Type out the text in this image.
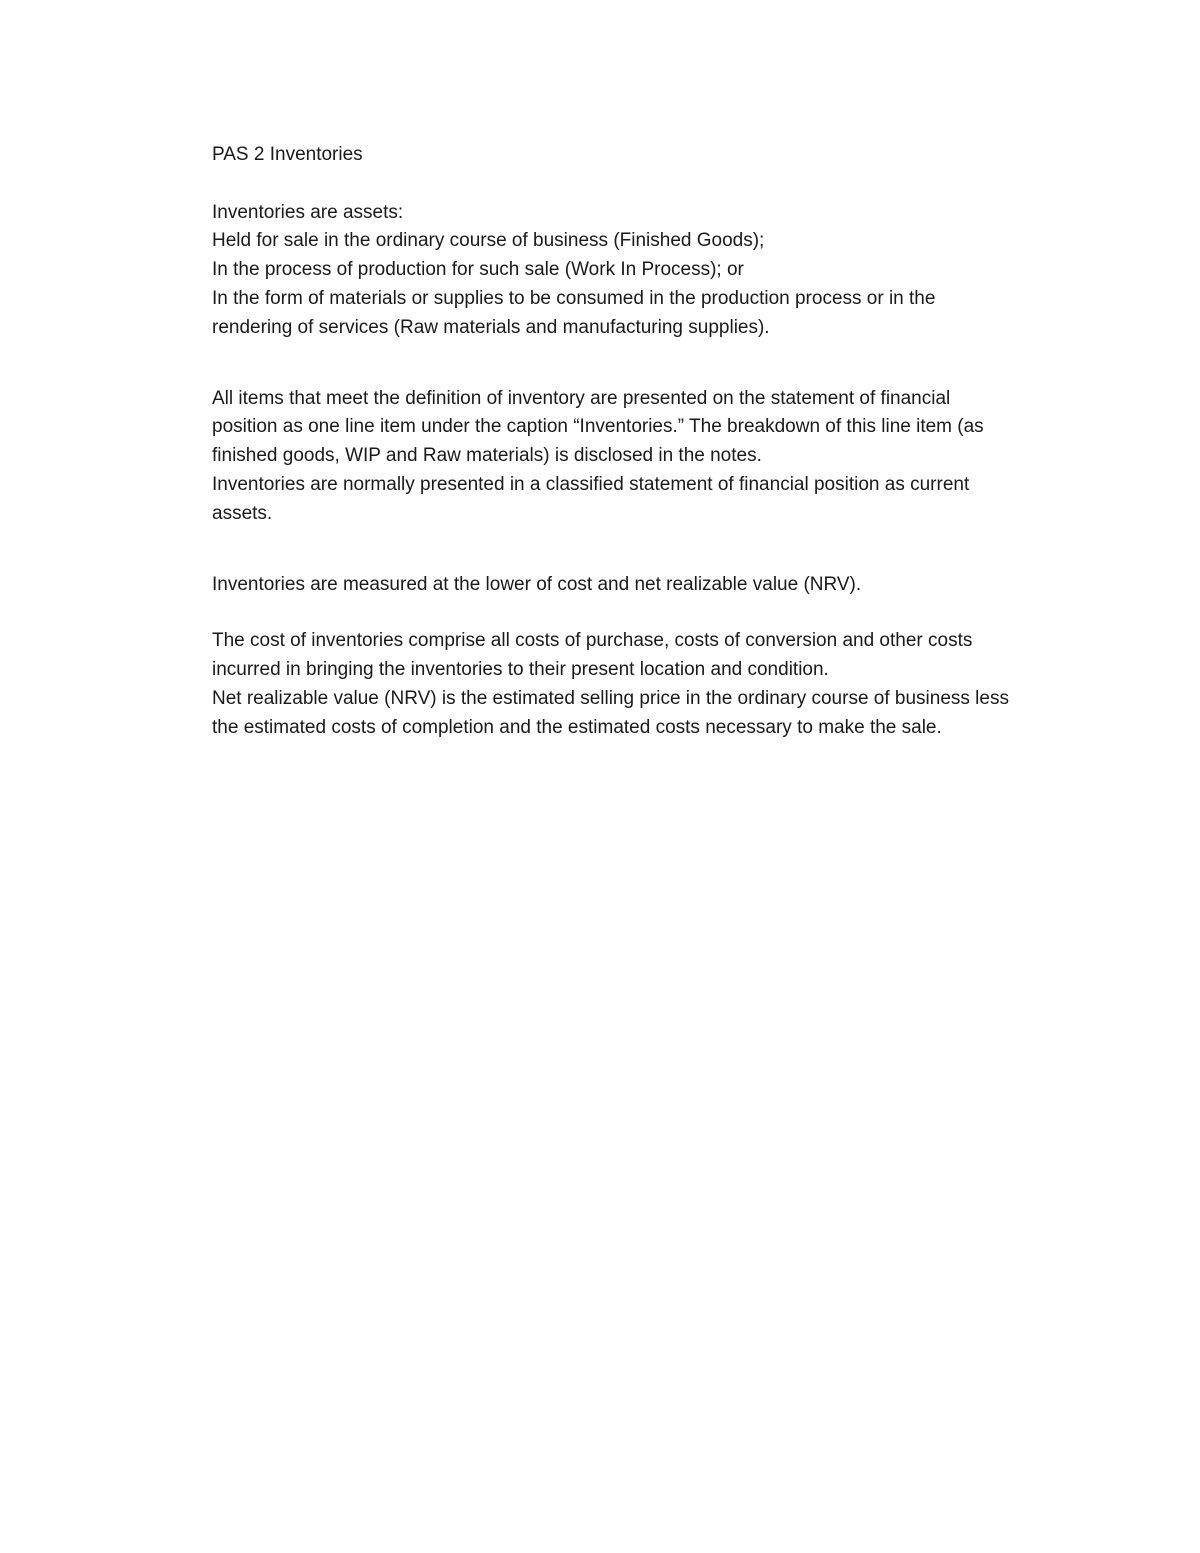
PAS 2 Inventories
Inventories are assets:
Held for sale in the ordinary course of business (Finished Goods);
In the process of production for such sale (Work In Process); or
In the form of materials or supplies to be consumed in the production process or in the
rendering of services (Raw materials and manufacturing supplies).
All items that meet the definition of inventory are presented on the statement of financial
position as one line item under the caption “Inventories.” The breakdown of this line item (as
finished goods, WIP and Raw materials) is disclosed in the notes.
Inventories are normally presented in a classified statement of financial position as current
assets.
Inventories are measured at the lower of cost and net realizable value (NRV).
The cost of inventories comprise all costs of purchase, costs of conversion and other costs
incurred in bringing the inventories to their present location and condition.
Net realizable value (NRV) is the estimated selling price in the ordinary course of business less
the estimated costs of completion and the estimated costs necessary to make the sale.
